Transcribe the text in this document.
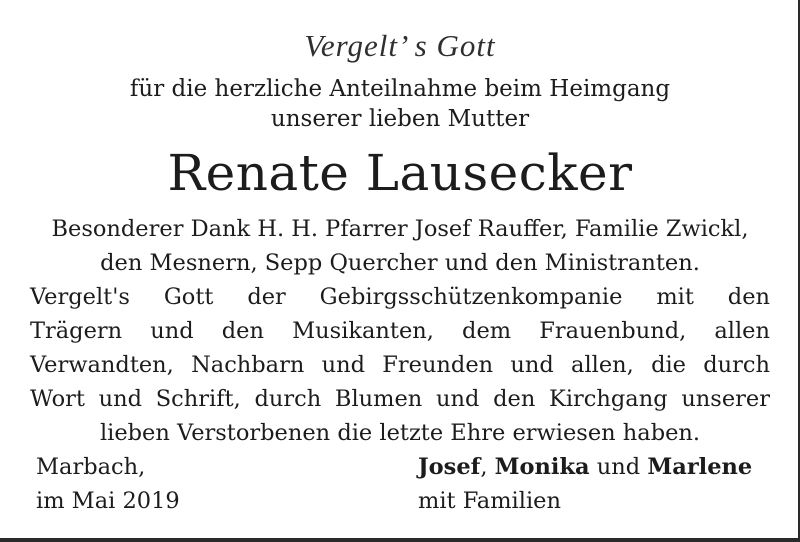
Vergelt’ s Gott
für die herzliche Anteilnahme beim Heimgang
unserer lieben Mutter
Renate Lausecker
Besonderer Dank H. H. Pfarrer Josef Rauffer, Familie Zwickl,
den Mesnern, Sepp Quercher und den Ministranten.
Vergelt's Gott der Gebirgsschützenkompanie mit den
Trägern und den Musikanten, dem Frauenbund, allen
Verwandten, Nachbarn und Freunden und allen, die durch
Wort und Schrift, durch Blumen und den Kirchgang unserer
lieben Verstorbenen die letzte Ehre erwiesen haben.
Marbach,
im Mai 2019
Josef, Monika und Marlene
mit Familien
